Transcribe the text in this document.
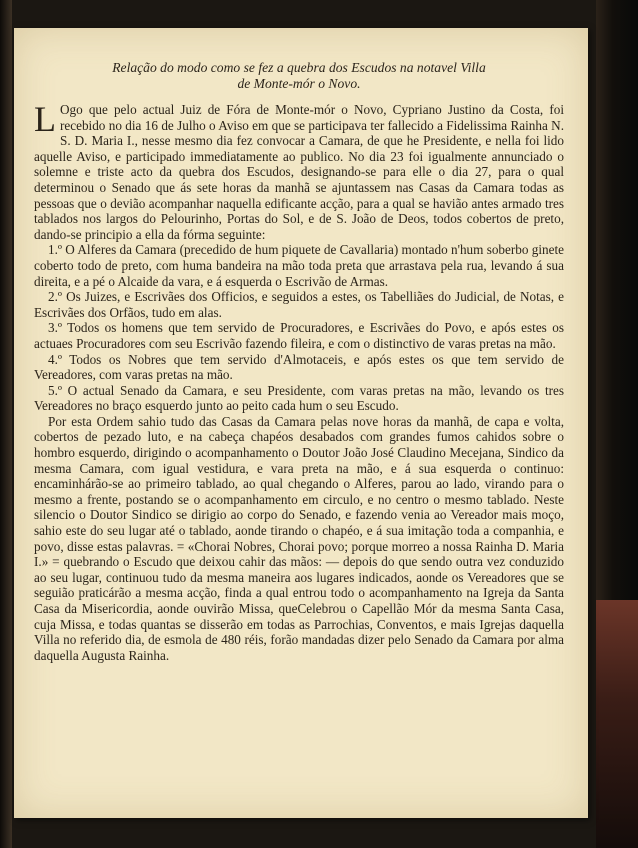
Relação do modo como se fez a quebra dos Escudos na notavel Villa
de Monte-mór o Novo.

L Ogo que pelo actual Juiz de Fóra de Monte-mór o Novo, Cypriano Justino da Costa, foi recebido no dia 16 de Julho o Aviso em que se participava ter fallecido a Fidelissima Rainha N. S. D. Maria I., nesse mesmo dia fez convocar a Camara, de que he Presidente, e nella foi lido aquelle Aviso, e participado immediatamente ao publico. No dia 23 foi igualmente annunciado o solemne e triste acto da quebra dos Escudos, designando-se para elle o dia 27, para o qual determinou o Senado que ás sete horas da manhã se ajuntassem nas Casas da Camara todas as pessoas que o devião acompanhar naquella edificante acção, para a qual se havião antes armado tres tablados nos largos do Pelourinho, Portas do Sol, e de S. João de Deos, todos cobertos de preto, dando-se principio a ella da fórma seguinte:

1.º O Alferes da Camara (precedido de hum piquete de Cavallaria) montado n'hum soberbo ginete coberto todo de preto, com huma bandeira na mão toda preta que arrastava pela rua, levando á sua direita, e a pé o Alcaide da vara, e á esquerda o Escrivão de Armas.

2.º Os Juizes, e Escrivães dos Officios, e seguidos a estes, os Tabelliães do Judicial, de Notas, e Escrivães dos Orfãos, tudo em alas.

3.º Todos os homens que tem servido de Procuradores, e Escrivães do Povo, e após estes os actuaes Procuradores com seu Escrivão fazendo fileira, e com o distinctivo de varas pretas na mão.

4.º Todos os Nobres que tem servido d'Almotaceis, e após estes os que tem servido de Vereadores, com varas pretas na mão.

5.º O actual Senado da Camara, e seu Presidente, com varas pretas na mão, levando os tres Vereadores no braço esquerdo junto ao peito cada hum o seu Escudo.

Por esta Ordem sahio tudo das Casas da Camara pelas nove horas da manhã, de capa e volta, cobertos de pezado luto, e na cabeça chapéos desabados com grandes fumos cahidos sobre o hombro esquerdo, dirigindo o acompanhamento o Doutor João José Claudino Mecejana, Sindico da mesma Camara, com igual vestidura, e vara preta na mão, e á sua esquerda o continuo: encaminhárão-se ao primeiro tablado, ao qual chegando o Alferes, parou ao lado, virando para o mesmo a frente, postando se o acompanhamento em circulo, e no centro o mesmo tablado. Neste silencio o Doutor Sindico se dirigio ao corpo do Senado, e fazendo venia ao Vereador mais moço, sahio este do seu lugar até o tablado, aonde tirando o chapéo, e á sua imitação toda a companhia, e povo, disse estas palavras. = «Chorai Nobres, Chorai povo; porque morreo a nossa Rainha D. Maria I.» = quebrando o Escudo que deixou cahir das mãos: — depois do que sendo outra vez conduzido ao seu lugar, continuou tudo da mesma maneira aos lugares indicados, aonde os Vereadores que se seguião praticárão a mesma acção, finda a qual entrou todo o acompanhamento na Igreja da Santa Casa da Misericordia, aonde ouvirão Missa, queCelebrou o Capellão Mór da mesma Santa Casa, cuja Missa, e todas quantas se disserão em todas as Parrochias, Conventos, e mais Igrejas daquella Villa no referido dia, de esmola de 480 réis, forão mandadas dizer pelo Senado da Camara por alma daquella Augusta Rainha.
